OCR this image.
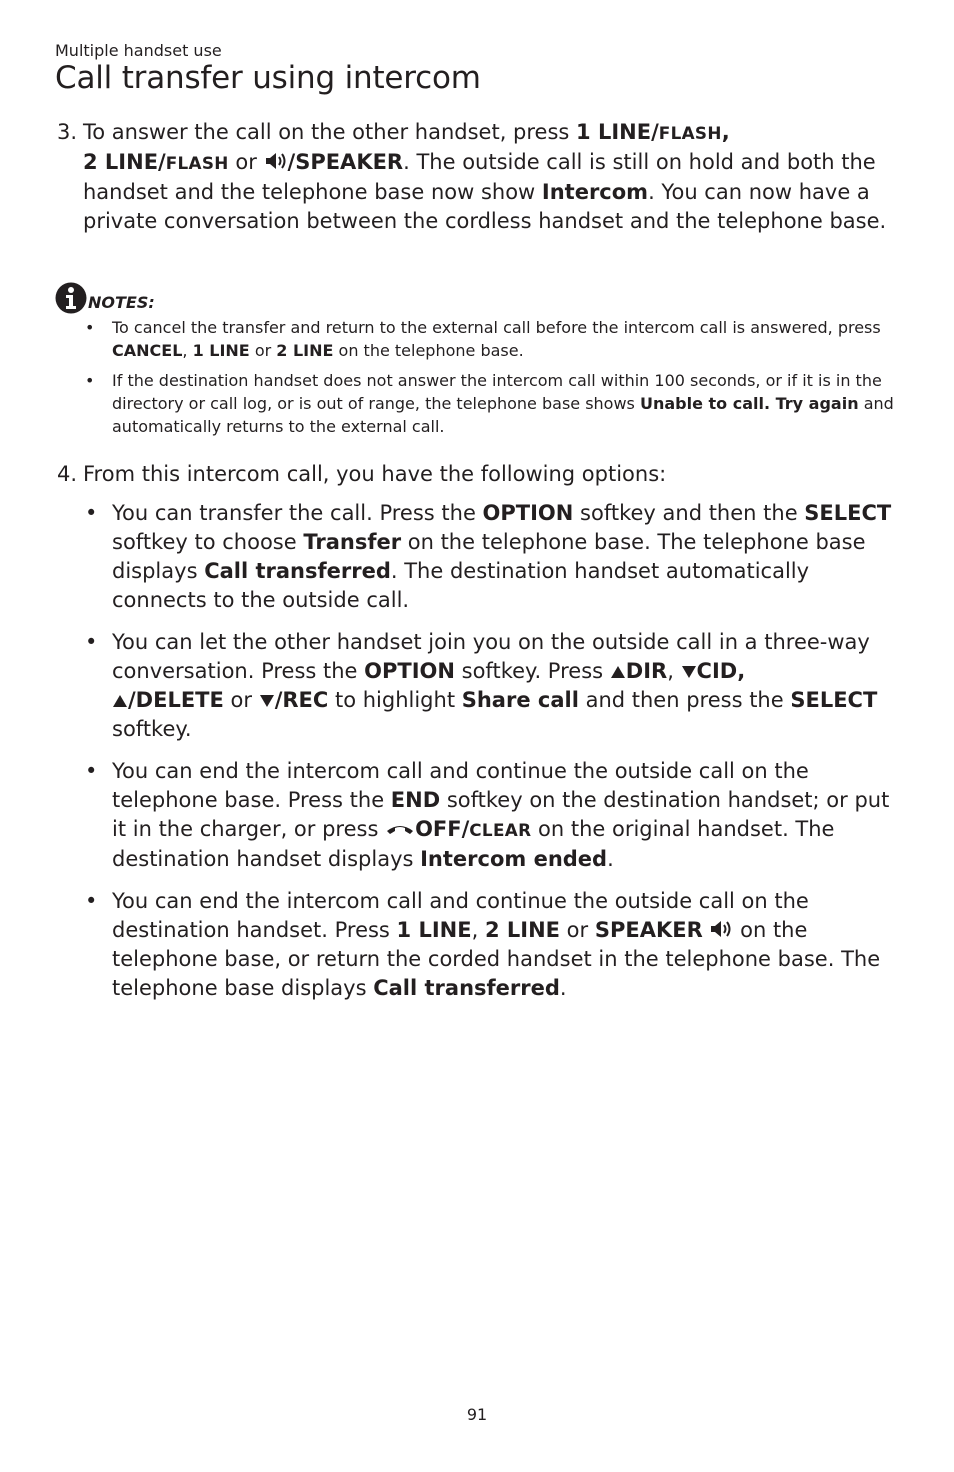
Multiple handset use
Call transfer using intercom
3. To answer the call on the other handset, press 1 LINE/FLASH,
2 LINE/FLASH or /SPEAKER. The outside call is still on hold and both the handset and the telephone base now show Intercom. You can now have a private conversation between the cordless handset and the telephone base.
NOTES:
• To cancel the transfer and return to the external call before the intercom call is answered, press CANCEL, 1 LINE or 2 LINE on the telephone base.
• If the destination handset does not answer the intercom call within 100 seconds, or if it is in the directory or call log, or is out of range, the telephone base shows Unable to call. Try again and automatically returns to the external call.
4. From this intercom call, you have the following options:
• You can transfer the call. Press the OPTION softkey and then the SELECT softkey to choose Transfer on the telephone base. The telephone base displays Call transferred. The destination handset automatically connects to the outside call.
• You can let the other handset join you on the outside call in a three-way conversation. Press the OPTION softkey. Press DIR, CID,
/DELETE or /REC to highlight Share call and then press the SELECT softkey.
• You can end the intercom call and continue the outside call on the telephone base. Press the END softkey on the destination handset; or put it in the charger, or press OFF/CLEAR on the original handset. The destination handset displays Intercom ended.
• You can end the intercom call and continue the outside call on the destination handset. Press 1 LINE, 2 LINE or SPEAKER  on the telephone base, or return the corded handset in the telephone base. The telephone base displays Call transferred.
91
